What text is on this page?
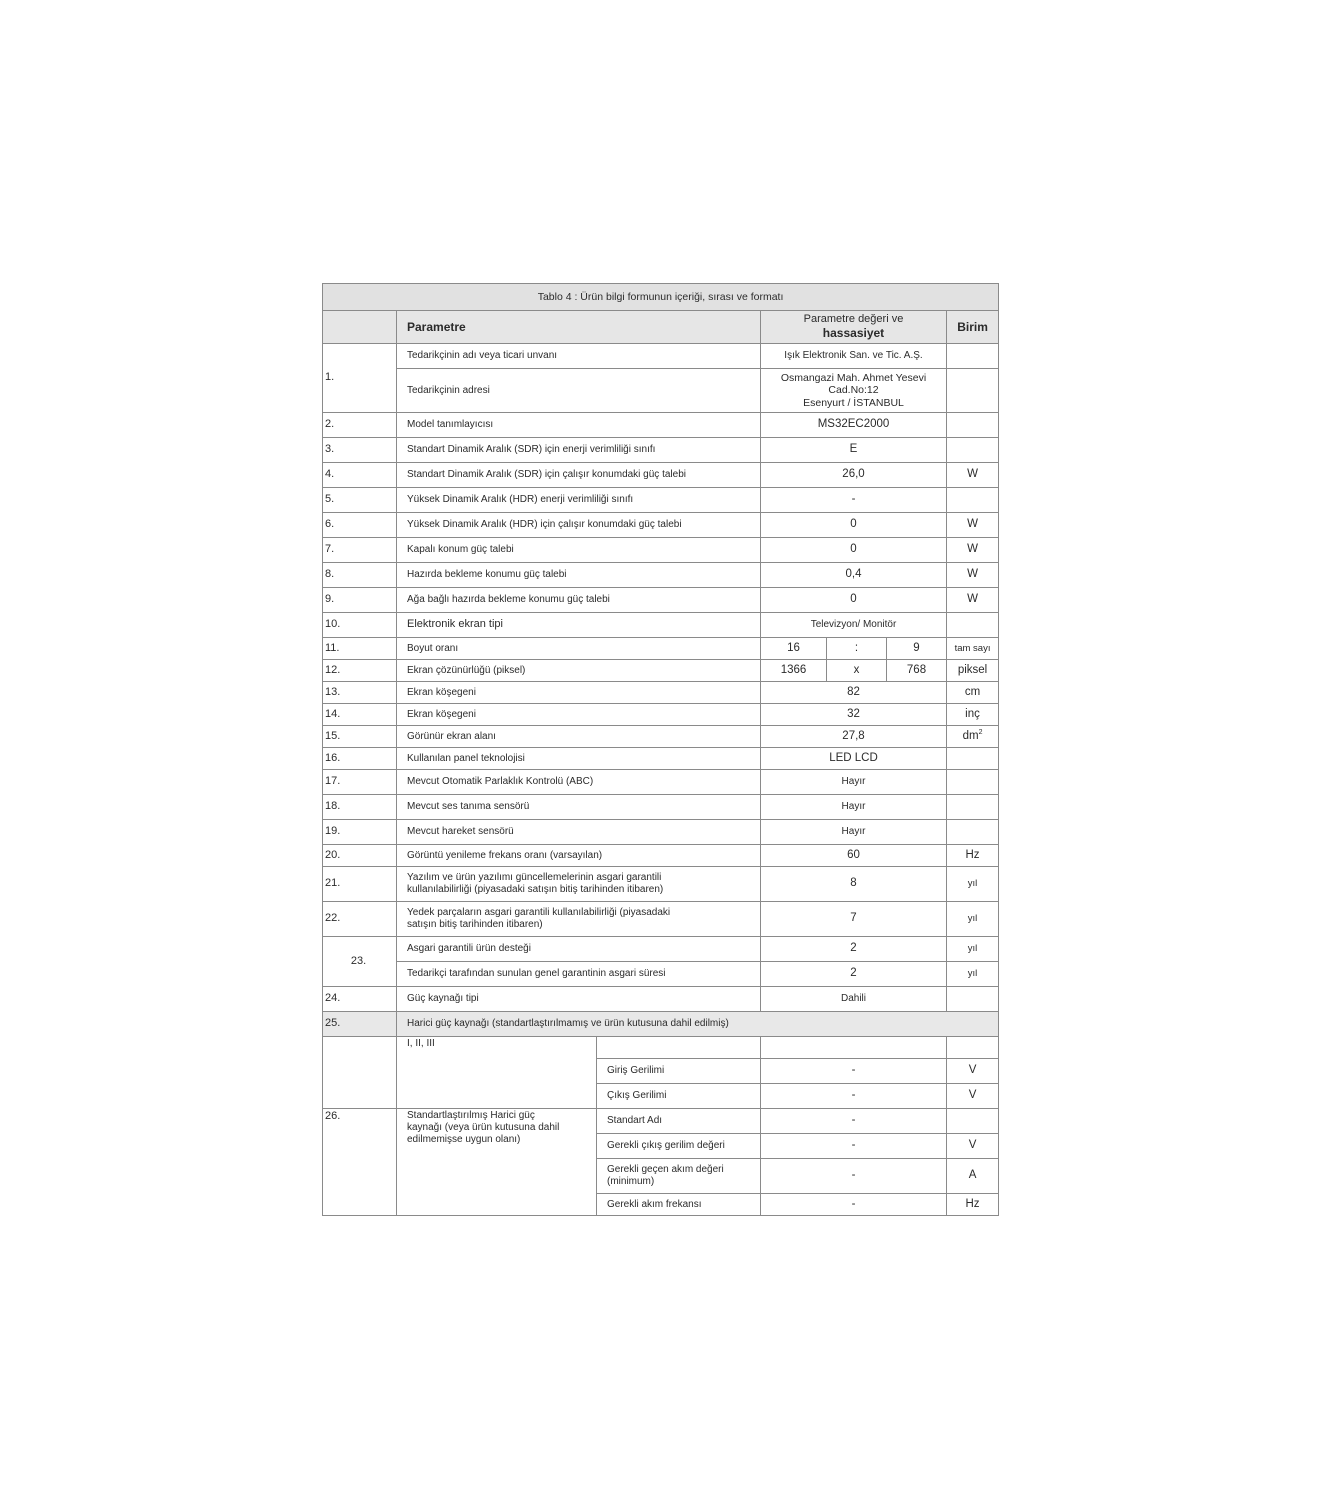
Tablo 4 : Ürün bilgi formunun içeriği, sırası ve formatı						
	Parametre		Parametre değeri ve
hassasiyet			Birim
1.	Tedarikçinin adı veya ticari unvanı		Işık Elektronik San. ve Tic. A.Ş.			
	Tedarikçinin adresi		Osmangazi Mah. Ahmet Yesevi
Cad.No:12
Esenyurt / İSTANBUL			

2.	Model tanımlayıcısı		MS32EC2000			
3.	Standart Dinamik Aralık (SDR) için enerji verimliliği sınıfı		E			
4.	Standart Dinamik Aralık (SDR) için çalışır konumdaki güç talebi		26,0			W
5.	Yüksek Dinamik Aralık (HDR) enerji verimliliği sınıfı		-			
6.	Yüksek Dinamik Aralık (HDR) için çalışır konumdaki güç talebi		0			W
7.	Kapalı konum güç talebi		0			W
8.	Hazırda bekleme konumu güç talebi		0,4			W
9.	Ağa bağlı hazırda bekleme konumu güç talebi		0			W
10.	Elektronik ekran tipi		Televizyon/ Monitör			
11.	Boyut oranı		16	:	9	tam sayı
12.	Ekran çözünürlüğü (piksel)		1366	x	768	piksel
13.	Ekran köşegeni		82			cm
14.	Ekran köşegeni		32			inç
15.	Görünür ekran alanı		27,8			$dm^2$
16.	Kullanılan panel teknolojisi		LED LCD			
17.	Mevcut Otomatik Parlaklık Kontrolü (ABC)		Hayır			
18.	Mevcut ses tanıma sensörü		Hayır			
19.	Mevcut hareket sensörü		Hayır			
20.	Görüntü yenileme frekans oranı (varsayılan)		60			Hz
21.	Yazılım ve ürün yazılımı güncellemelerinin asgari garantili
kullanılabilirliği (piyasadaki satışın bitiş tarihinden itibaren)		8			yıl
22.	Yedek parçaların asgari garantili kullanılabilirliği (piyasadaki
satışın bitiş tarihinden itibaren)		7			yıl
23.	Asgari garantili ürün desteği		2			yıl
	Tedarikçi tarafından sunulan genel garantinin asgari süresi		2			yıl
24.	Güç kaynağı tipi		Dahili			
25.	Harici güç kaynağı (standartlaştırılmamış ve ürün kutusuna dahil edilmiş)					
	I, II, III					
		Giriş Gerilimi	-			V
		Çıkış Gerilimi	-			V
26.	Standartlaştırılmış Harici güç
kaynağı (veya ürün kutusuna dahil
edilmemişse uygun olanı)	Standart Adı	-			
		Gerekli çıkış gerilim değeri	-			V
		Gerekli geçen akım değeri
(minimum)	-			A
		Gerekli akım frekansı	-			Hz
